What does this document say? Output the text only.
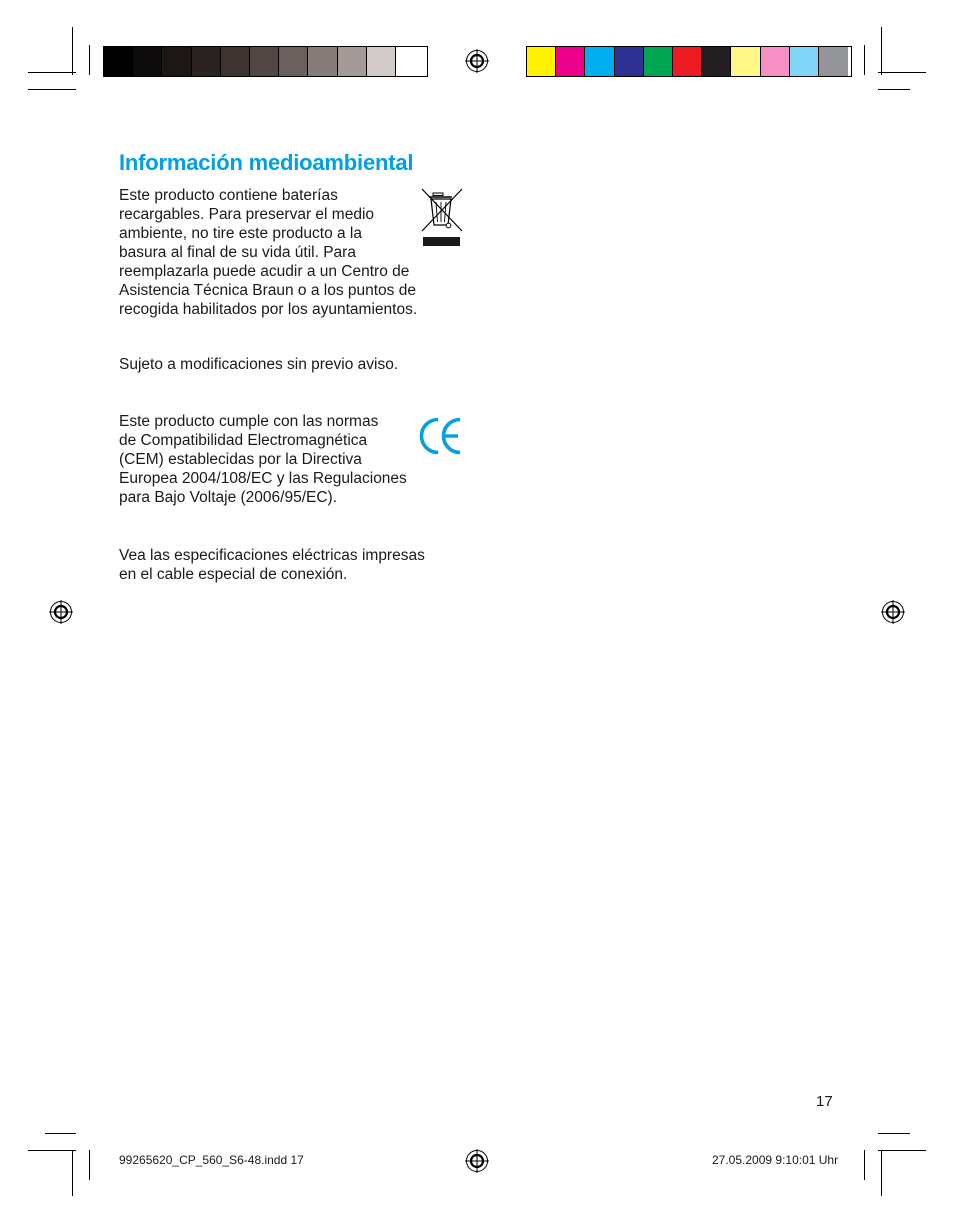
Información medioambiental
Este producto contiene baterías
recargables. Para preservar el medio
ambiente, no tire este producto a la
basura al final de su vida útil. Para
reemplazarla puede acudir a un Centro de
Asistencia Técnica Braun o a los puntos de
recogida habilitados por los ayuntamientos.
Sujeto a modificaciones sin previo aviso.
Este producto cumple con las normas
de Compatibilidad Electromagnética
(CEM) establecidas por la Directiva
Europea 2004/108/EC y las Regulaciones
para Bajo Voltaje (2006/95/EC).
Vea las especificaciones eléctricas impresas
en el cable especial de conexión.
17
99265620_CP_560_S6-48.indd 17	27.05.2009 9:10:01 Uhr
